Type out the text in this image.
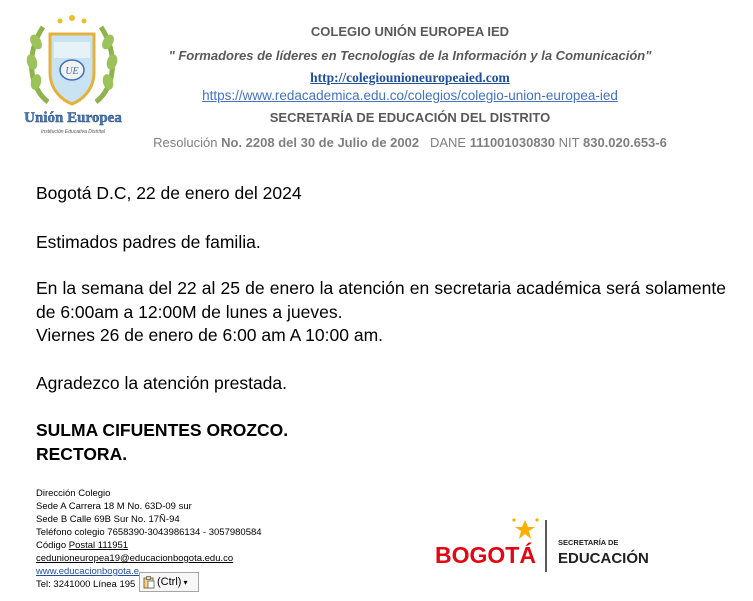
UE
Unión Europea
Institución Educativa Distrital
COLEGIO UNIÓN EUROPEA IED
" Formadores de líderes en Tecnologías de la Información y la Comunicación"
http://colegiounioneuropeaied.com
https://www.redacademica.edu.co/colegios/colegio-union-europea-ied
SECRETARÍA DE EDUCACIÓN DEL DISTRITO
Resolución No. 2208 del 30 de Julio de 2002 DANE 111001030830 NIT 830.020.653-6
Bogotá D.C, 22 de enero del 2024
Estimados padres de familia.
En la semana del 22 al 25 de enero la atención en secretaria académica será solamente de 6:00am a 12:00M de lunes a jueves.
Viernes 26 de enero de 6:00 am A 10:00 am.
Agradezco la atención prestada.
SULMA CIFUENTES OROZCO.
RECTORA.
Dirección Colegio
Sede A Carrera 18 M No. 63D-09 sur
Sede B Calle 69B Sur No. 17Ñ-94
Teléfono colegio 7658390-3043986134 - 3057980584
Código Postal 111951
cedunioneuropea19@educacionbogota.edu.co
www.educacionbogota.e
Tel: 3241000 Línea 195	(Ctrl) ▾
BOGOTÁ	SECRETARÍA DE
EDUCACIÓN
